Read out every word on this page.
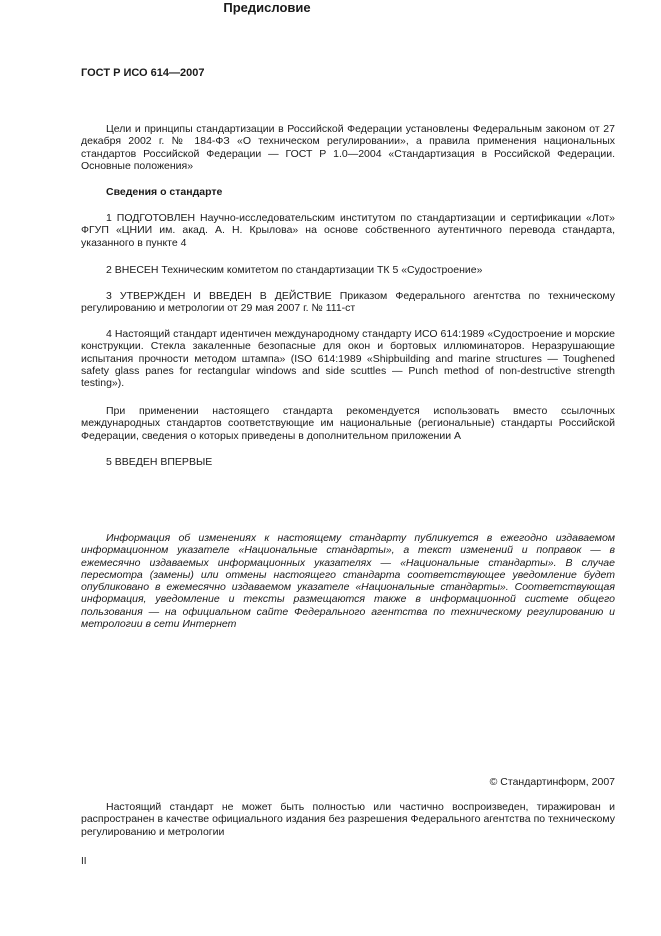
ГОСТ Р ИСО 614—2007
Предисловие

Цели и принципы стандартизации в Российской Федерации установлены Федеральным законом от 27 декабря 2002 г. № 184-ФЗ «О техническом регулировании», а правила применения национальных стандартов Российской Федерации — ГОСТ Р 1.0—2004 «Стандартизация в Российской Федерации. Основные положения»

Сведения о стандарте

1 ПОДГОТОВЛЕН Научно-исследовательским институтом по стандартизации и сертификации «Лот» ФГУП «ЦНИИ им. акад. А. Н. Крылова» на основе собственного аутентичного перевода стандарта, указанного в пункте 4

2 ВНЕСЕН Техническим комитетом по стандартизации ТК 5 «Судостроение»

3 УТВЕРЖДЕН И ВВЕДЕН В ДЕЙСТВИЕ Приказом Федерального агентства по техническому регулированию и метрологии от 29 мая 2007 г. № 111-ст

4 Настоящий стандарт идентичен международному стандарту ИСО 614:1989 «Судостроение и морские конструкции. Стекла закаленные безопасные для окон и бортовых иллюминаторов. Неразрушающие испытания прочности методом штампа» (ISO 614:1989 «Shipbuilding and marine structures — Toughened safety glass panes for rectangular windows and side scuttles — Punch method of non-destructive strength testing»).

При применении настоящего стандарта рекомендуется использовать вместо ссылочных международных стандартов соответствующие им национальные (региональные) стандарты Российской Федерации, сведения о которых приведены в дополнительном приложении А

5 ВВЕДЕН ВПЕРВЫЕ

Информация об изменениях к настоящему стандарту публикуется в ежегодно издаваемом информационном указателе «Национальные стандарты», а текст изменений и поправок — в ежемесячно издаваемых информационных указателях — «Национальные стандарты». В случае пересмотра (замены) или отмены настоящего стандарта соответствующее уведомление будет опубликовано в ежемесячно издаваемом указателе «Национальные стандарты». Соответствующая информация, уведомление и тексты размещаются также в информационной системе общего пользования — на официальном сайте Федерального агентства по техническому регулированию и метрологии в сети Интернет

© Стандартинформ, 2007

Настоящий стандарт не может быть полностью или частично воспроизведен, тиражирован и распространен в качестве официального издания без разрешения Федерального агентства по техническому регулированию и метрологии

II
